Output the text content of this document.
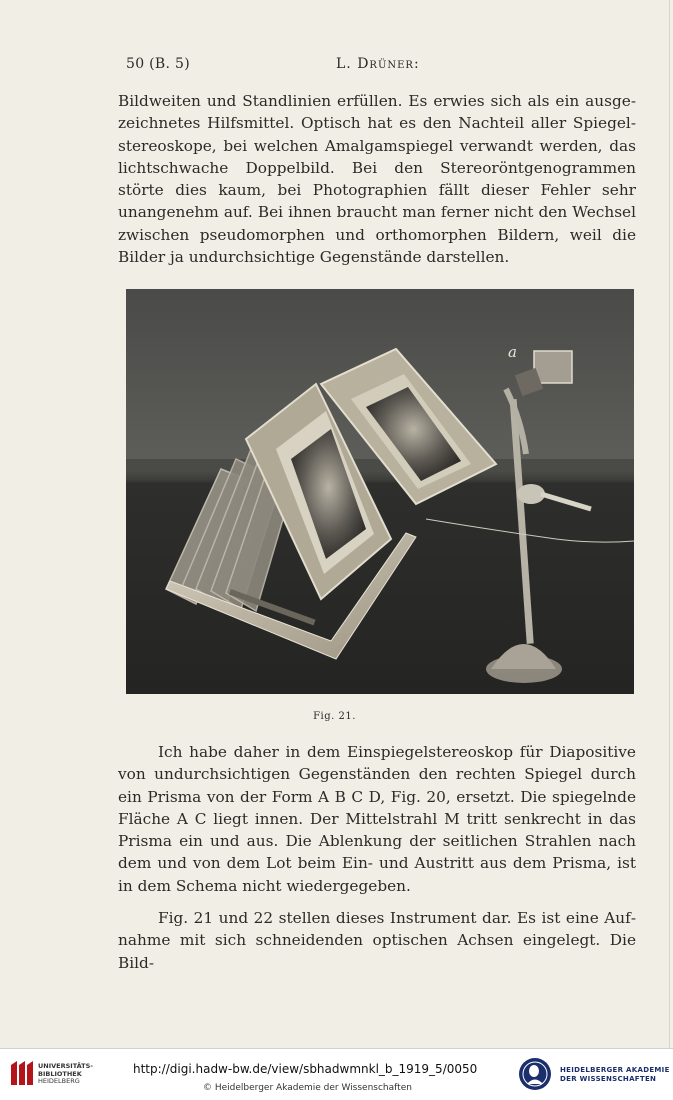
50 (B. 5)	L. Drüner:

Bildweiten und Standlinien erfüllen. Es erwies sich als ein ausgezeichnetes Hilfsmittel. Optisch hat es den Nachteil aller Spiegelstereoskope, bei welchen Amalgamspiegel verwandt werden, das lichtschwache Doppelbild. Bei den Stereoröntgenogrammen störte dies kaum, bei Photographien fällt dieser Fehler sehr unangenehm auf. Bei ihnen braucht man ferner nicht den Wechsel zwischen pseudomorphen und orthomorphen Bildern, weil die Bilder ja undurchsichtige Gegenstände darstellen.

a
Fig. 21.

Ich habe daher in dem Einspiegelstereoskop für Diapositive von undurchsichtigen Gegenständen den rechten Spiegel durch ein Prisma von der Form A B C D, Fig. 20, ersetzt. Die spiegelnde Fläche A C liegt innen. Der Mittelstrahl M tritt senkrecht in das Prisma ein und aus. Die Ablenkung der seitlichen Strahlen nach dem und von dem Lot beim Ein- und Austritt aus dem Prisma, ist in dem Schema nicht wiedergegeben.

Fig. 21 und 22 stellen dieses Instrument dar. Es ist eine Aufnahme mit sich schneidenden optischen Achsen eingelegt. Die Bild-

UNIVERSITÄTS-
BIBLIOTHEK
HEIDELBERG
http://digi.hadw-bw.de/view/sbhadwmnkl_b_1919_5/0050
© Heidelberger Akademie der Wissenschaften
HEIDELBERGER AKADEMIE
DER WISSENSCHAFTEN
